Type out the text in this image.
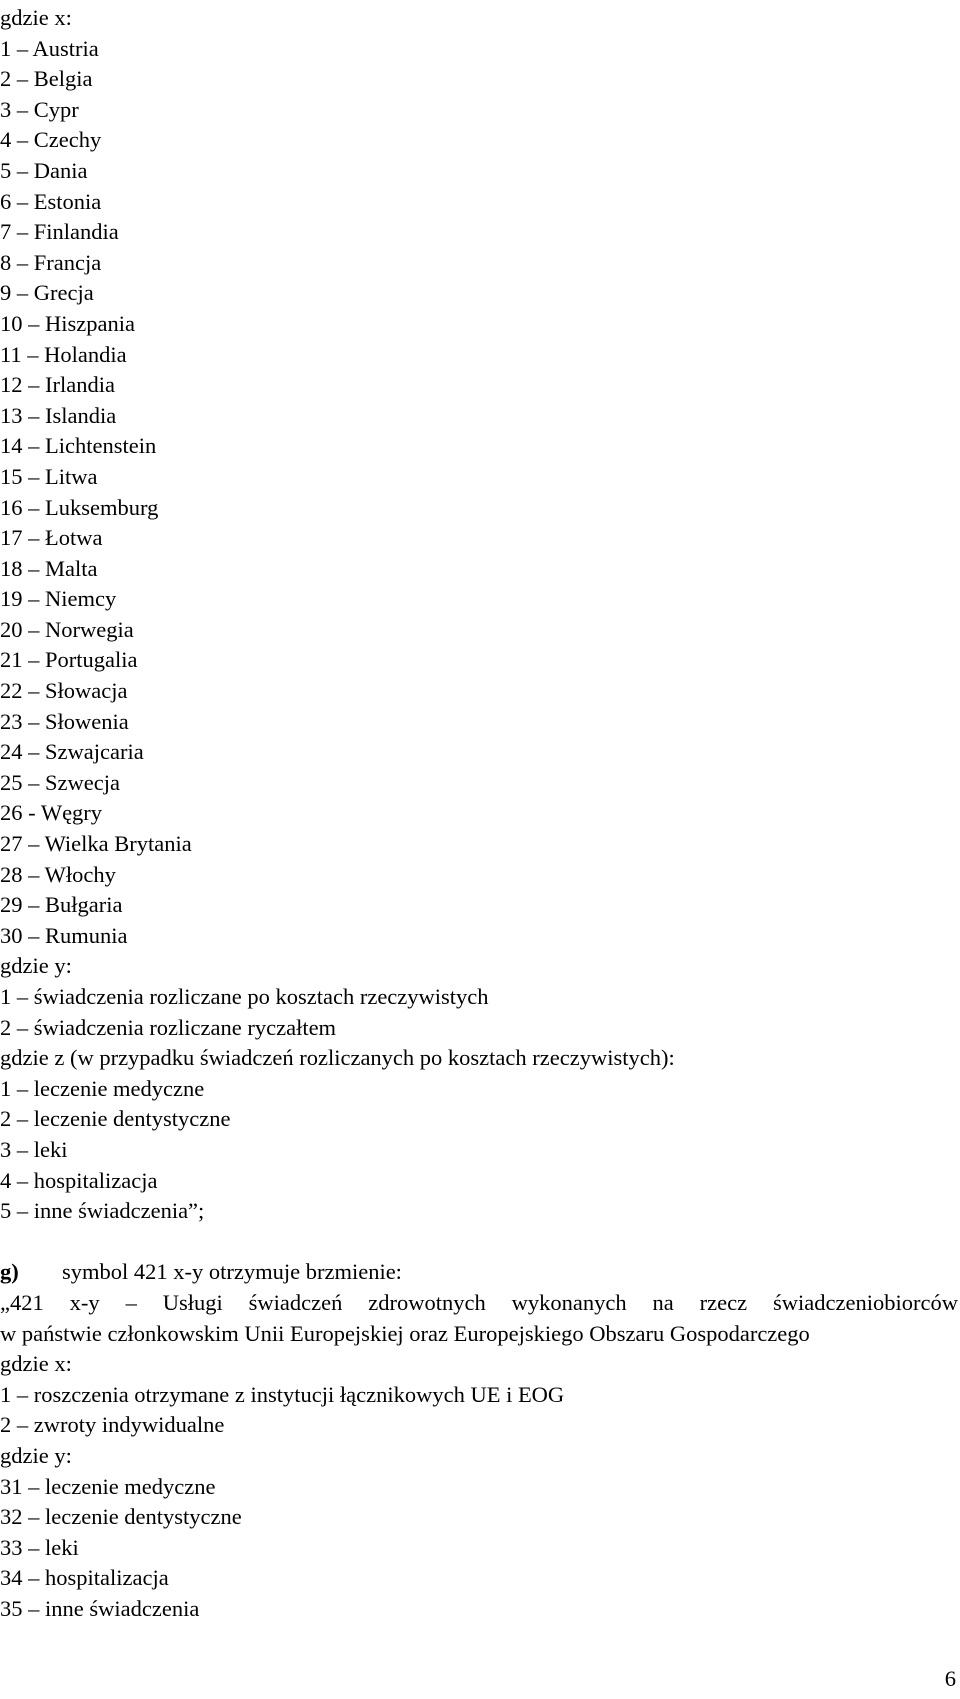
gdzie x:
1 – Austria
2 – Belgia
3 – Cypr
4 – Czechy
5 – Dania
6 – Estonia
7 – Finlandia
8 – Francja
9 – Grecja
10 – Hiszpania
11 – Holandia
12 – Irlandia
13 – Islandia
14 – Lichtenstein
15 – Litwa
16 – Luksemburg
17 – Łotwa
18 – Malta
19 – Niemcy
20 – Norwegia
21 – Portugalia
22 – Słowacja
23 – Słowenia
24 – Szwajcaria
25 – Szwecja
26 - Węgry
27 – Wielka Brytania
28 – Włochy
29 – Bułgaria
30 – Rumunia
gdzie y:
1 – świadczenia rozliczane po kosztach rzeczywistych
2 – świadczenia rozliczane ryczałtem
gdzie z (w przypadku świadczeń rozliczanych po kosztach rzeczywistych):
1 – leczenie medyczne
2 – leczenie dentystyczne
3 – leki
4 – hospitalizacja
5 – inne świadczenia”;
g) symbol 421 x-y otrzymuje brzmienie:
„421 x-y – Usługi świadczeń zdrowotnych wykonanych na rzecz świadczeniobiorców
w państwie członkowskim Unii Europejskiej oraz Europejskiego Obszaru Gospodarczego
gdzie x:
1 – roszczenia otrzymane z instytucji łącznikowych UE i EOG
2 – zwroty indywidualne
gdzie y:
31 – leczenie medyczne
32 – leczenie dentystyczne
33 – leki
34 – hospitalizacja
35 – inne świadczenia
6
